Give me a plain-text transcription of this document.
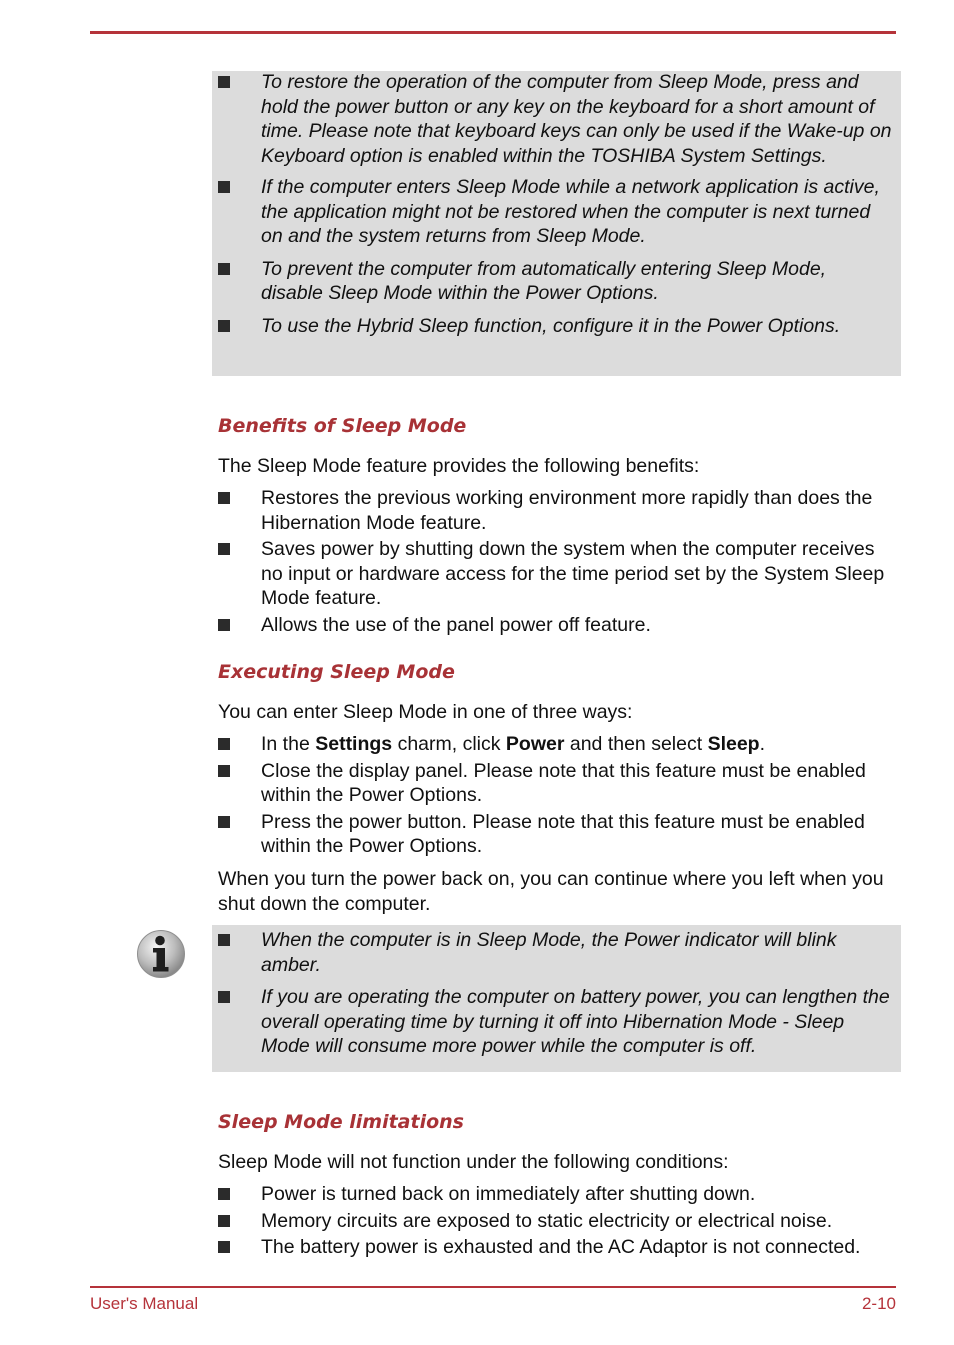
To restore the operation of the computer from Sleep Mode, press and hold the power button or any key on the keyboard for a short amount of time. Please note that keyboard keys can only be used if the Wake-up on Keyboard option is enabled within the TOSHIBA System Settings.
If the computer enters Sleep Mode while a network application is active, the application might not be restored when the computer is next turned on and the system returns from Sleep Mode.
To prevent the computer from automatically entering Sleep Mode, disable Sleep Mode within the Power Options.
To use the Hybrid Sleep function, configure it in the Power Options.
Benefits of Sleep Mode
The Sleep Mode feature provides the following benefits:
Restores the previous working environment more rapidly than does the Hibernation Mode feature.
Saves power by shutting down the system when the computer receives no input or hardware access for the time period set by the System Sleep Mode feature.
Allows the use of the panel power off feature.
Executing Sleep Mode
You can enter Sleep Mode in one of three ways:
In the Settings charm, click Power and then select Sleep.
Close the display panel. Please note that this feature must be enabled within the Power Options.
Press the power button. Please note that this feature must be enabled within the Power Options.
When you turn the power back on, you can continue where you left when you shut down the computer.
When the computer is in Sleep Mode, the Power indicator will blink amber.
If you are operating the computer on battery power, you can lengthen the overall operating time by turning it off into Hibernation Mode - Sleep Mode will consume more power while the computer is off.
Sleep Mode limitations
Sleep Mode will not function under the following conditions:
Power is turned back on immediately after shutting down.
Memory circuits are exposed to static electricity or electrical noise.
The battery power is exhausted and the AC Adaptor is not connected.
User's Manual	2-10
